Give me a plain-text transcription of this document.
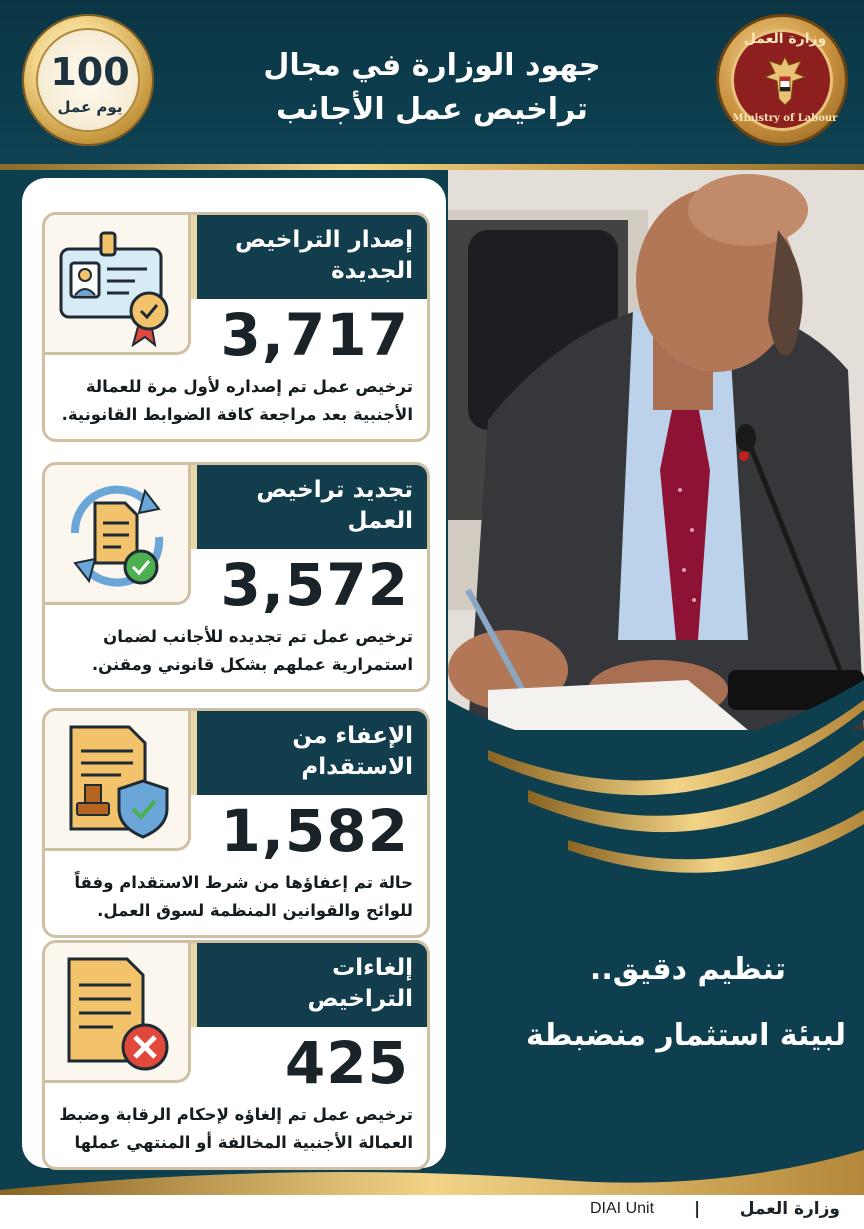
جهود الوزارة في مجال
تراخيص عمل الأجانب
100
يوم عمل
وزارة العمل
Ministry of Labour
إصدار التراخيص
الجديدة
3,717
ترخيص عمل تم إصداره لأول مرة للعمالة
الأجنبية بعد مراجعة كافة الضوابط القانونية.
تجديد تراخيص
العمل
3,572
ترخيص عمل تم تجديده للأجانب لضمان
استمرارية عملهم بشكل قانوني ومقنن.
الإعفاء من
الاستقدام
1,582
حالة تم إعفاؤها من شرط الاستقدام وفقاً
للوائح والقوانين المنظمة لسوق العمل.
إلغاءات
التراخيص
425
ترخيص عمل تم إلغاؤه لإحكام الرقابة وضبط
العمالة الأجنبية المخالفة أو المنتهي عملها
تنظيم دقيق..
لبيئة استثمار منضبطة
وزارة العمل
|
DIAI Unit
